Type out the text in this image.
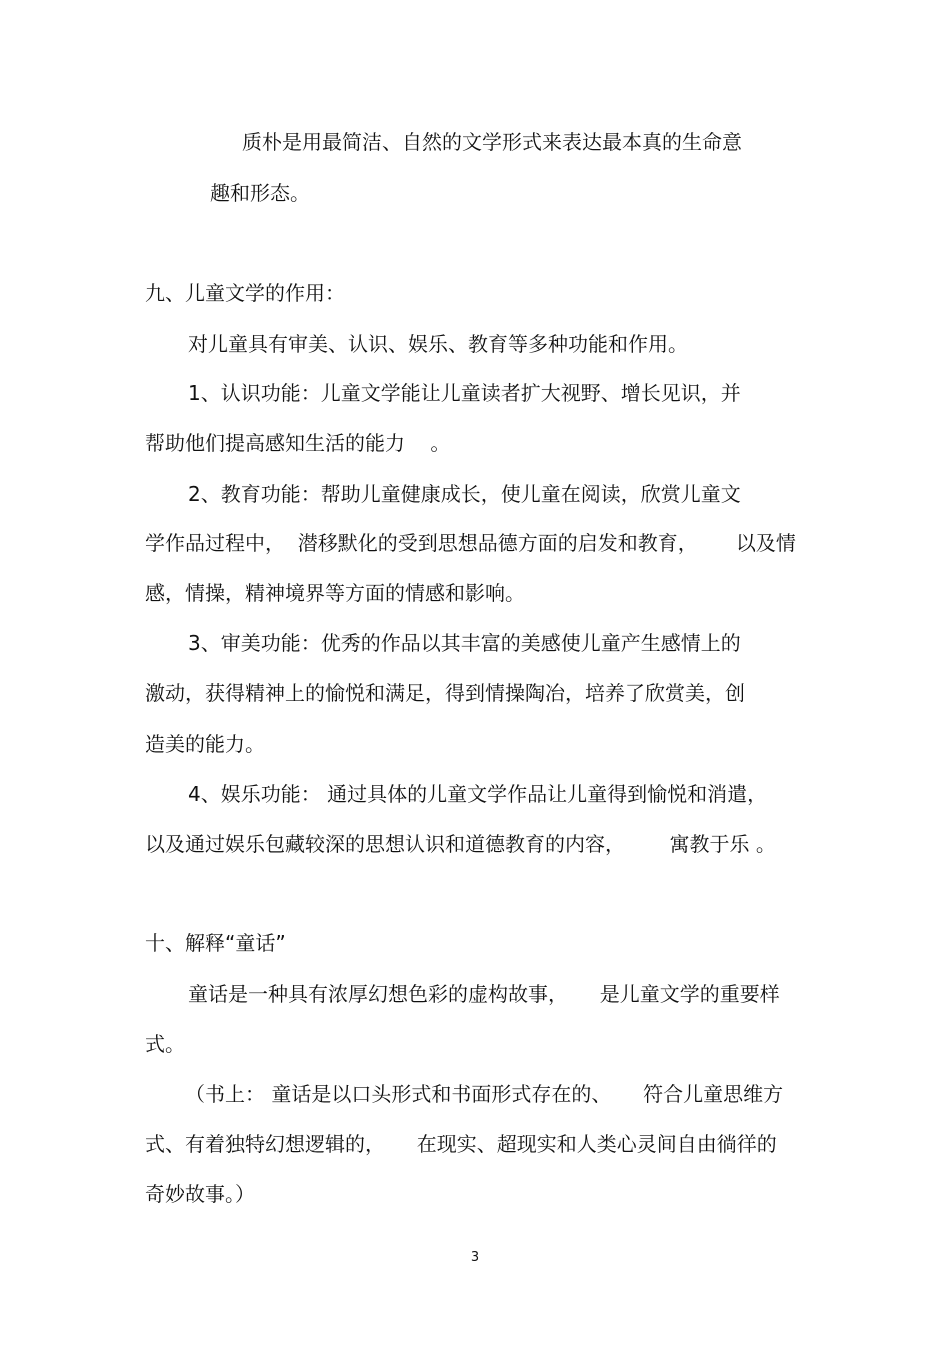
质朴是用最简洁、自然的文学形式来表达最本真的生命意
趣和形态。
九、儿童文学的作用：
对儿童具有审美、认识、娱乐、教育等多种功能和作用。
1、认识功能：儿童文学能让儿童读者扩大视野、增长见识，并
帮助他们提高感知生活的能力    。
2、教育功能：帮助儿童健康成长，使儿童在阅读，欣赏儿童文
学作品过程中，  潜移默化的受到思想品德方面的启发和教育，      以及情
感，情操，精神境界等方面的情感和影响。
3、审美功能：优秀的作品以其丰富的美感使儿童产生感情上的
激动，获得精神上的愉悦和满足，得到情操陶冶，培养了欣赏美，创
造美的能力。
4、娱乐功能： 通过具体的儿童文学作品让儿童得到愉悦和消遣，
以及通过娱乐包藏较深的思想认识和道德教育的内容，       寓教于乐 。
十、解释“童话”
童话是一种具有浓厚幻想色彩的虚构故事，     是儿童文学的重要样
式。
（书上： 童话是以口头形式和书面形式存在的、     符合儿童思维方
式、有着独特幻想逻辑的，     在现实、超现实和人类心灵间自由徜徉的
奇妙故事。）
3
